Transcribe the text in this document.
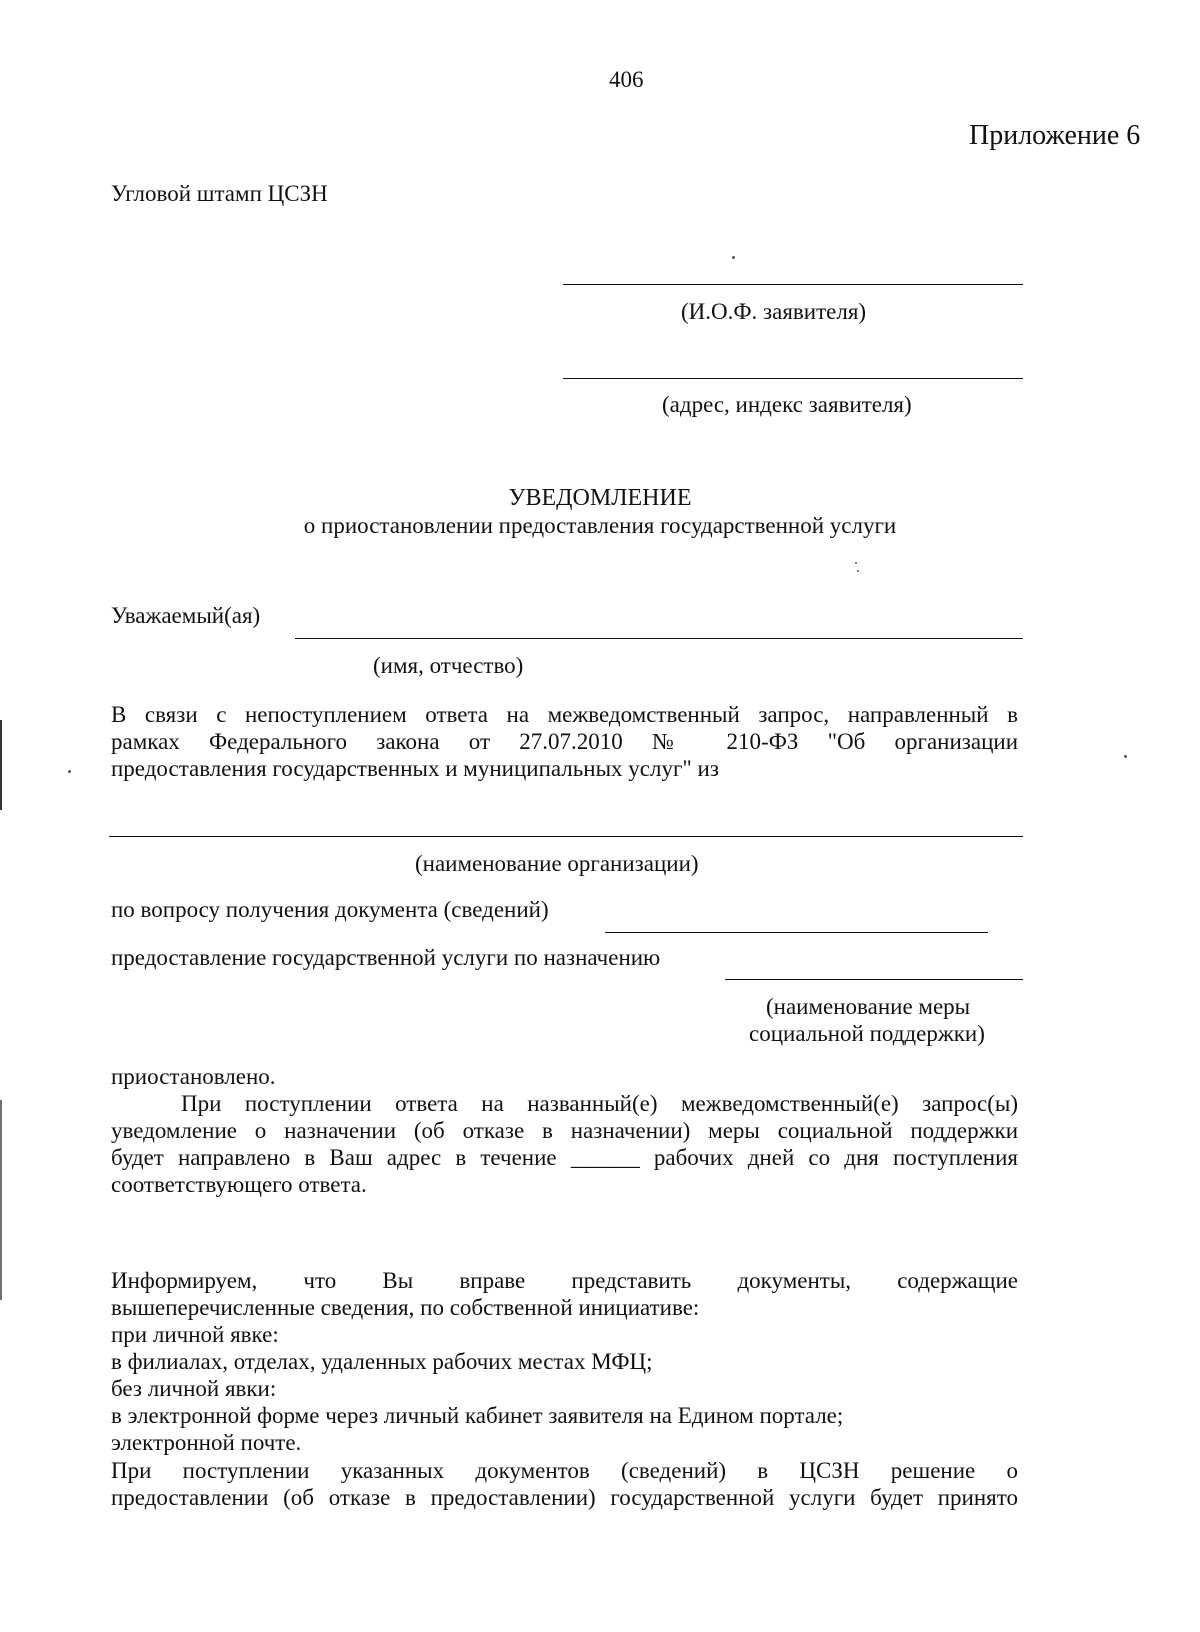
406
Приложение 6
Угловой штамп ЦСЗН
(И.О.Ф. заявителя)
(адрес, индекс заявителя)
УВЕДОМЛЕНИЕ
о приостановлении предоставления государственной услуги
Уважаемый(ая)
(имя, отчество)
В связи с непоступлением ответа на межведомственный запрос, направленный в
рамках Федерального закона от 27.07.2010 № 210-ФЗ "Об организации
предоставления государственных и муниципальных услуг" из
(наименование организации)
по вопросу получения документа (сведений)
предоставление государственной услуги по назначению
(наименование меры
социальной поддержки)
приостановлено.
При поступлении ответа на названный(е) межведомственный(е) запрос(ы)
уведомление о назначении (об отказе в назначении) меры социальной поддержки
будет направлено в Ваш адрес в течение ______ рабочих дней со дня поступления
соответствующего ответа.
Информируем, что Вы вправе представить документы, содержащие
вышеперечисленные сведения, по собственной инициативе:
при личной явке:
в филиалах, отделах, удаленных рабочих местах МФЦ;
без личной явки:
в электронной форме через личный кабинет заявителя на Едином портале;
электронной почте.
При поступлении указанных документов (сведений) в ЦСЗН решение о
предоставлении (об отказе в предоставлении) государственной услуги будет принято
